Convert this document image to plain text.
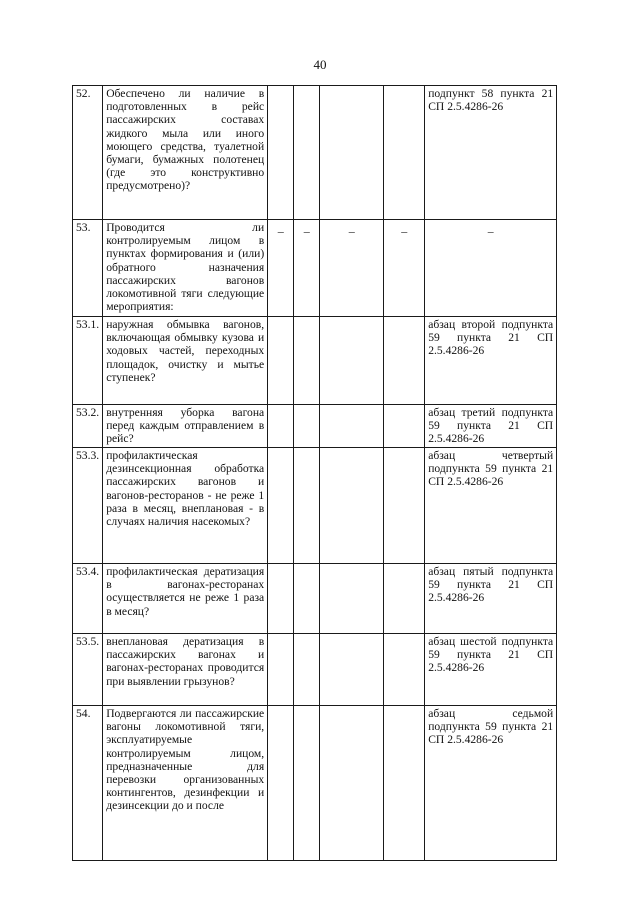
40
52.	Обеспечено ли наличие в подготовленных в рейс пассажирских составах жидкого мыла или иного моющего средства, туалетной бумаги, бумажных полотенец (где это конструктивно предусмотрено)?					подпункт 58 пункта 21 СП 2.5.4286-26

53.	Проводится ли контролируемым лицом в пунктах формирования и (или) обратного назначения пассажирских вагонов локомотивной тяги следующие мероприятия:	–	–	–	–	–

53.1.	наружная обмывка вагонов, включающая обмывку кузова и ходовых частей, переходных площадок, очистку и мытье ступенек?					абзац второй подпункта 59 пункта 21 СП 2.5.4286-26

53.2.	внутренняя уборка вагона перед каждым отправлением в рейс?					абзац третий подпункта 59 пункта 21 СП 2.5.4286-26

53.3.	профилактическая дезинсекционная обработка пассажирских вагонов и вагонов-ресторанов - не реже 1 раза в месяц, внеплановая - в случаях наличия насекомых?					абзац четвертый подпункта 59 пункта 21 СП 2.5.4286-26

53.4.	профилактическая дератизация в вагонах-ресторанах осуществляется не реже 1 раза в месяц?					абзац пятый подпункта 59 пункта 21 СП 2.5.4286-26

53.5.	внеплановая дератизация в пассажирских вагонах и вагонах-ресторанах проводится при выявлении грызунов?					абзац шестой подпункта 59 пункта 21 СП 2.5.4286-26

54.	Подвергаются ли пассажирские вагоны локомотивной тяги, эксплуатируемые контролируемым лицом, предназначенные для перевозки организованных контингентов, дезинфекции и дезинсекции до и после					абзац седьмой подпункта 59 пункта 21 СП 2.5.4286-26
